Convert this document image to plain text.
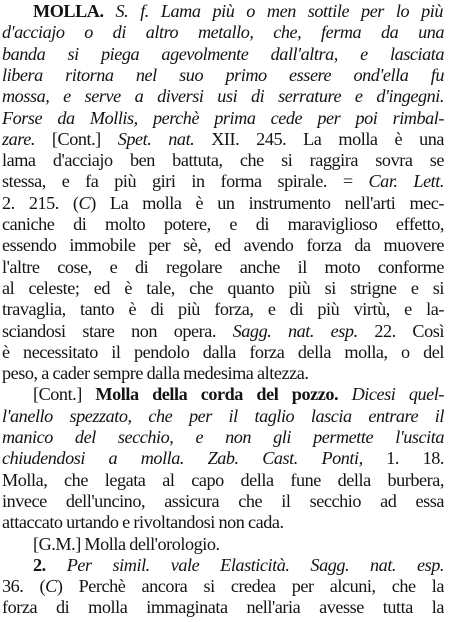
MOLLA. S. f. Lama più o men sottile per lo più
d'acciajo o di altro metallo, che, ferma da una
banda si piega agevolmente dall'altra, e lasciata
libera ritorna nel suo primo essere ond'ella fu
mossa, e serve a diversi usi di serrature e d'ingegni.
Forse da Mollis, perchè prima cede per poi rimbal-
zare. [Cont.] Spet. nat. XII. 245. La molla è una
lama d'acciajo ben battuta, che si raggira sovra se
stessa, e fa più giri in forma spirale. = Car. Lett.
2. 215. (C) La molla è un instrumento nell'arti mec-
caniche di molto potere, e di maraviglioso effetto,
essendo immobile per sè, ed avendo forza da muovere
l'altre cose, e di regolare anche il moto conforme
al celeste; ed è tale, che quanto più si strigne e si
travaglia, tanto è di più forza, e di più virtù, e la-
sciandosi stare non opera. Sagg. nat. esp. 22. Così
è necessitato il pendolo dalla forza della molla, o del
peso, a cader sempre dalla medesima altezza.
[Cont.] Molla della corda del pozzo. Dicesi quel-
l'anello spezzato, che per il taglio lascia entrare il
manico del secchio, e non gli permette l'uscita
chiudendosi a molla. Zab. Cast. Ponti, 1. 18.
Molla, che legata al capo della fune della burbera,
invece dell'uncino, assicura che il secchio ad essa
attaccato urtando e rivoltandosi non cada.
[G.M.] Molla dell'orologio.
2. Per simil. vale Elasticità. Sagg. nat. esp.
36. (C) Perchè ancora si credea per alcuni, che la
forza di molla immaginata nell'aria avesse tutta la
